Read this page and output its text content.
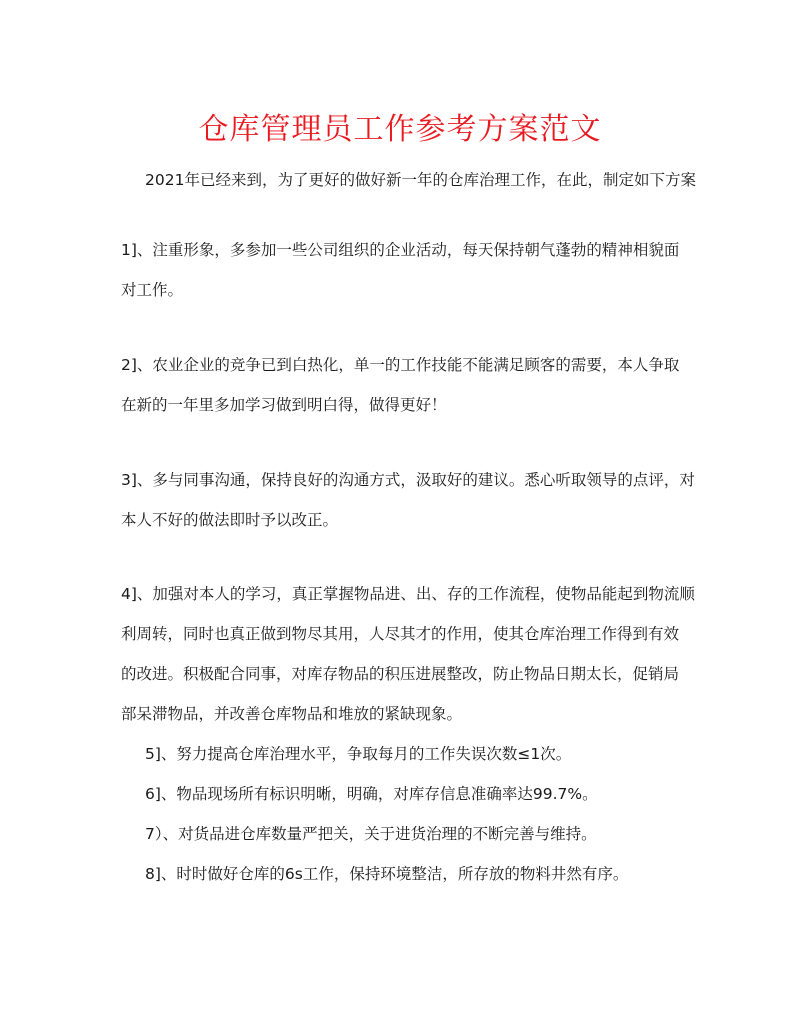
仓库管理员工作参考方案范文
2021年已经来到，为了更好的做好新一年的仓库治理工作，在此，制定如下方案
1]、注重形象，多参加一些公司组织的企业活动，每天保持朝气蓬勃的精神相貌面
对工作。
2]、农业企业的竞争已到白热化，单一的工作技能不能满足顾客的需要，本人争取
在新的一年里多加学习做到明白得，做得更好！
3]、多与同事沟通，保持良好的沟通方式，汲取好的建议。悉心听取领导的点评，对
本人不好的做法即时予以改正。
4]、加强对本人的学习，真正掌握物品进、出、存的工作流程，使物品能起到物流顺
利周转，同时也真正做到物尽其用，人尽其才的作用，使其仓库治理工作得到有效
的改进。积极配合同事，对库存物品的积压进展整改，防止物品日期太长，促销局
部呆滞物品，并改善仓库物品和堆放的紧缺现象。
5]、努力提高仓库治理水平，争取每月的工作失误次数≤1次。
6]、物品现场所有标识明晰，明确，对库存信息准确率达99.7%。
7）、对货品进仓库数量严把关，关于进货治理的不断完善与维持。
8]、时时做好仓库的6s工作，保持环境整洁，所存放的物料井然有序。
